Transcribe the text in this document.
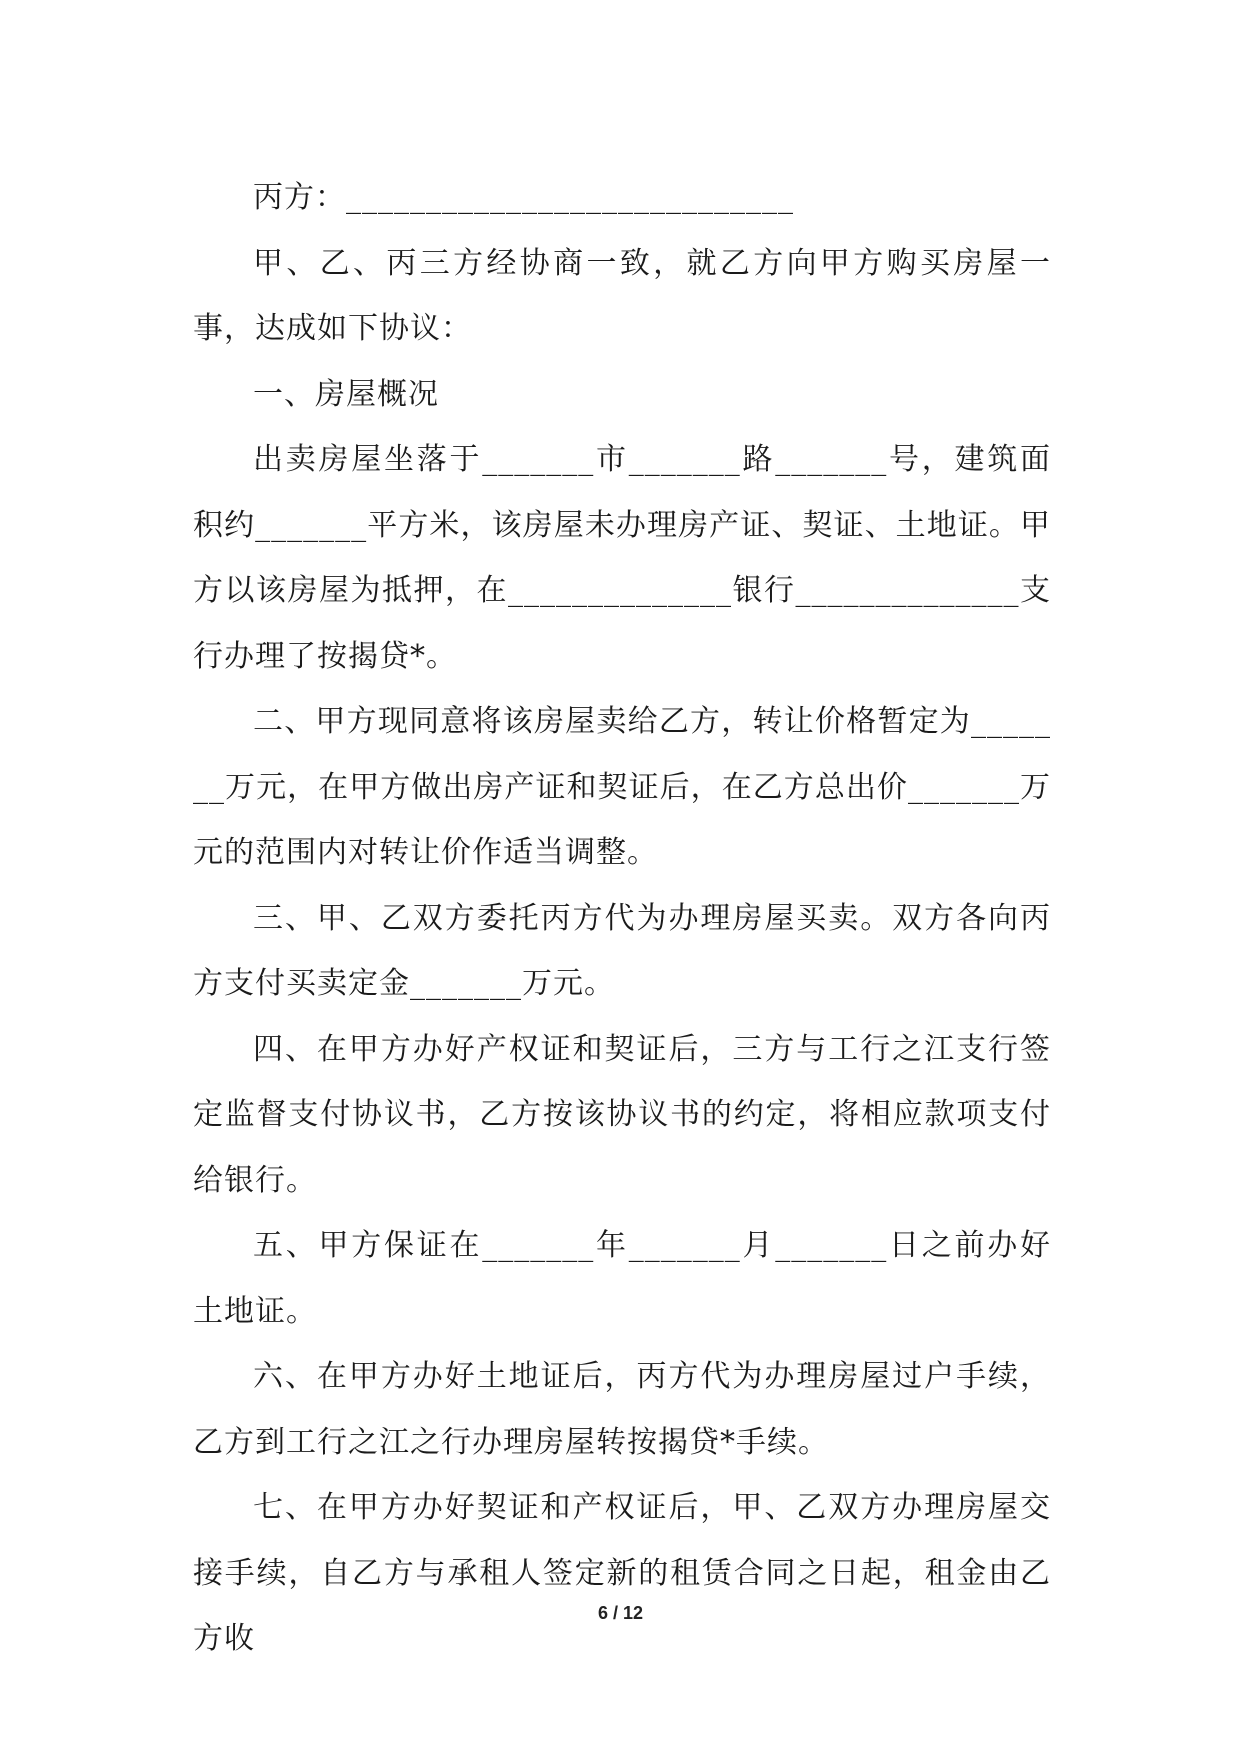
丙方：____________________________

甲、乙、丙三方经协商一致，就乙方向甲方购买房屋一事，达成如下协议：

一、房屋概况

出卖房屋坐落于_______市_______路_______号，建筑面积约_______平方米，该房屋未办理房产证、契证、土地证。甲方以该房屋为抵押，在______________银行______________支行办理了按揭贷*。

二、甲方现同意将该房屋卖给乙方，转让价格暂定为_______万元，在甲方做出房产证和契证后，在乙方总出价_______万元的范围内对转让价作适当调整。

三、甲、乙双方委托丙方代为办理房屋买卖。双方各向丙方支付买卖定金_______万元。

四、在甲方办好产权证和契证后，三方与工行之江支行签定监督支付协议书，乙方按该协议书的约定，将相应款项支付给银行。

五、甲方保证在_______年_______月_______日之前办好土地证。

六、在甲方办好土地证后，丙方代为办理房屋过户手续，乙方到工行之江之行办理房屋转按揭贷*手续。

七、在甲方办好契证和产权证后，甲、乙双方办理房屋交接手续，自乙方与承租人签定新的租赁合同之日起，租金由乙方收

6 / 12
